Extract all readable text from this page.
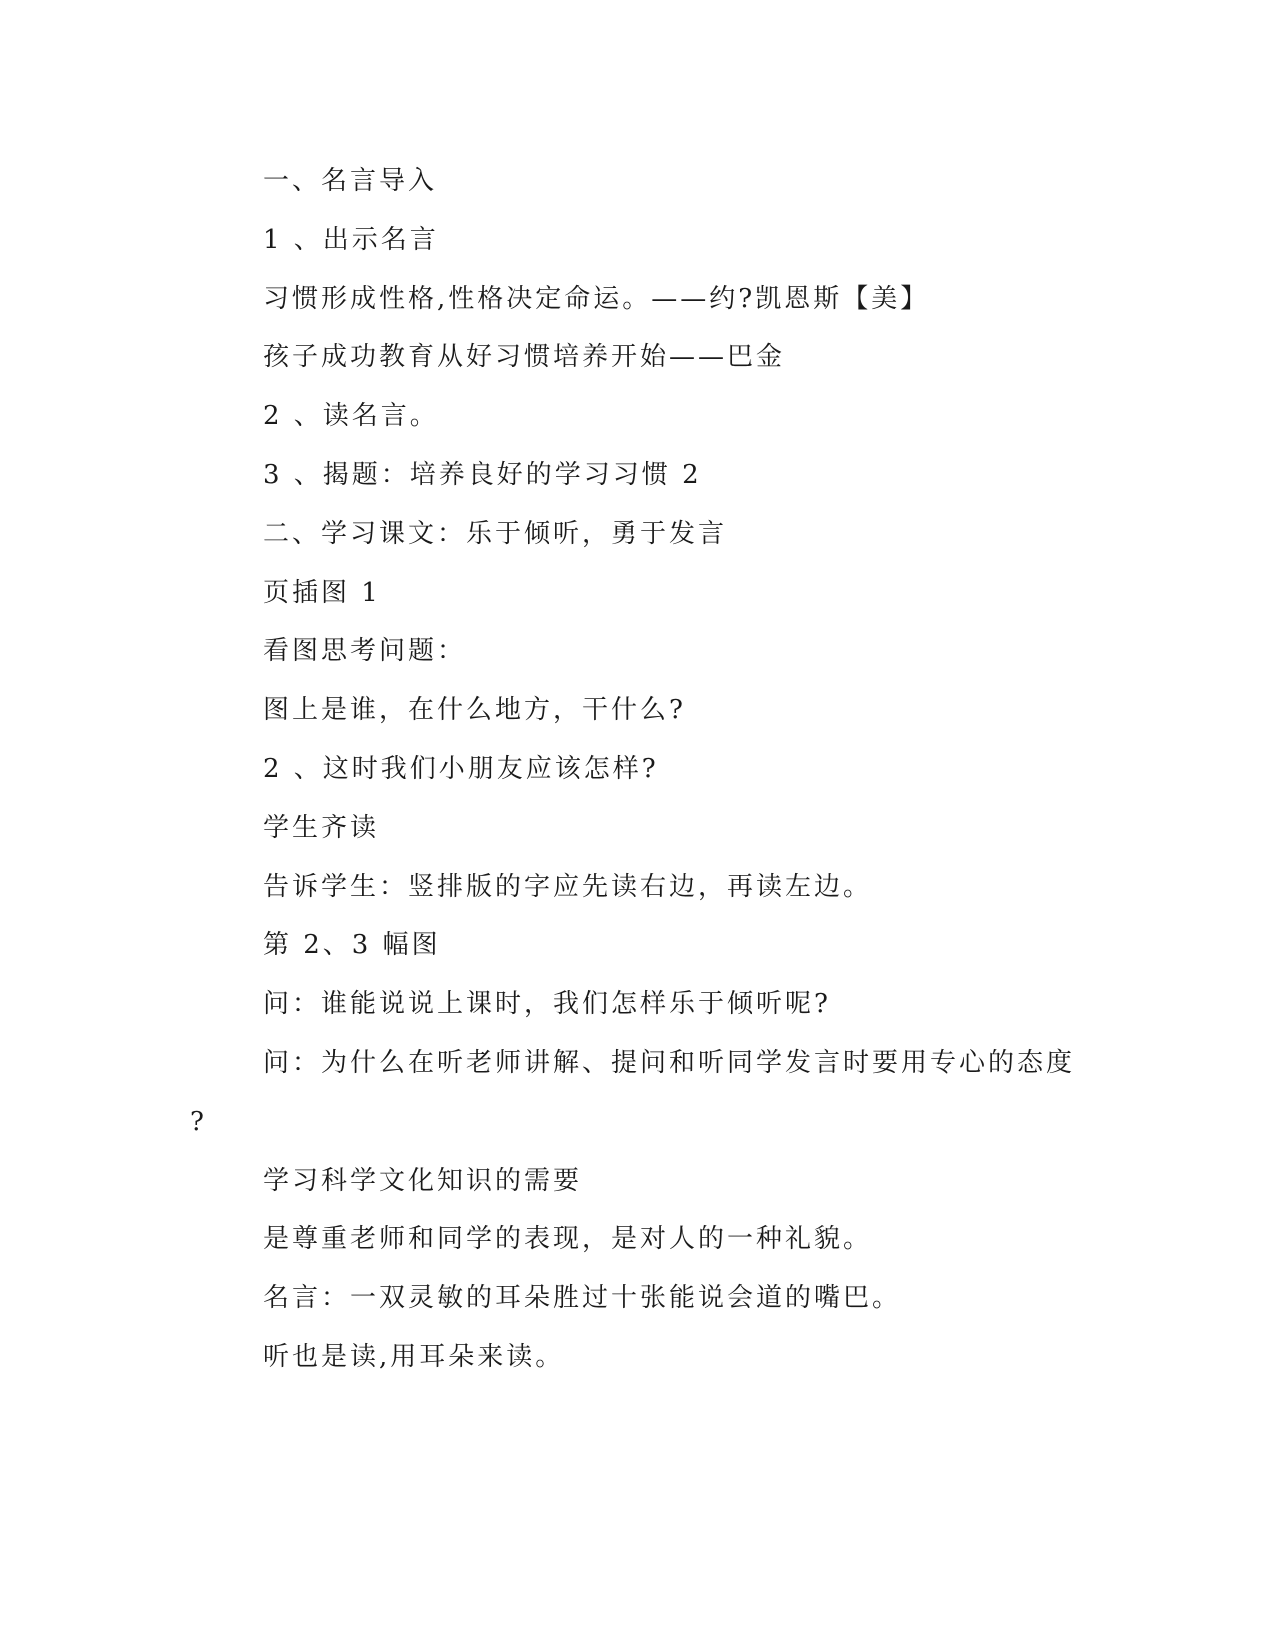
一、名言导入
1 、出示名言
习惯形成性格,性格决定命运。——约?凯恩斯【美】
孩子成功教育从好习惯培养开始——巴金
2 、读名言。
3 、揭题：培养良好的学习习惯 2
二、学习课文：乐于倾听，勇于发言
页插图 1
看图思考问题：
图上是谁，在什么地方，干什么?
2 、这时我们小朋友应该怎样?
学生齐读
告诉学生：竖排版的字应先读右边，再读左边。
第 2、3 幅图
问：谁能说说上课时，我们怎样乐于倾听呢?
问：为什么在听老师讲解、提问和听同学发言时要用专心的态度
?
学习科学文化知识的需要
是尊重老师和同学的表现，是对人的一种礼貌。
名言：一双灵敏的耳朵胜过十张能说会道的嘴巴。
听也是读,用耳朵来读。
